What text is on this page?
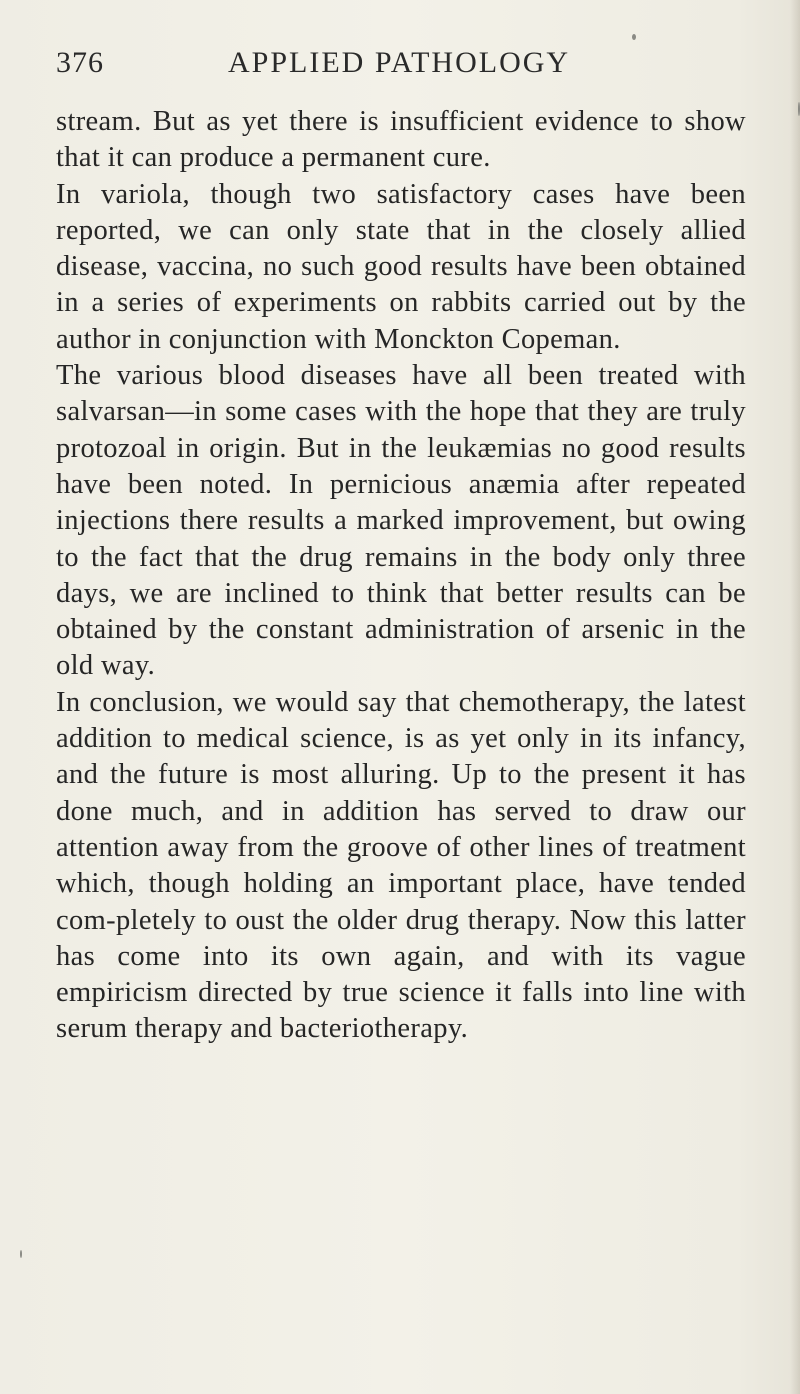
376	APPLIED PATHOLOGY

stream. But as yet there is insufficient evidence to show that it can produce a permanent cure.

In variola, though two satisfactory cases have been reported, we can only state that in the closely allied disease, vaccina, no such good results have been obtained in a series of experiments on rabbits carried out by the author in conjunction with Monckton Copeman.

The various blood diseases have all been treated with salvarsan—in some cases with the hope that they are truly protozoal in origin. But in the leukæmias no good results have been noted. In pernicious anæmia after repeated injections there results a marked improvement, but owing to the fact that the drug remains in the body only three days, we are inclined to think that better results can be obtained by the constant administration of arsenic in the old way.

In conclusion, we would say that chemotherapy, the latest addition to medical science, is as yet only in its infancy, and the future is most alluring. Up to the present it has done much, and in addition has served to draw our attention away from the groove of other lines of treatment which, though holding an important place, have tended com-pletely to oust the older drug therapy. Now this latter has come into its own again, and with its vague empiricism directed by true science it falls into line with serum therapy and bacteriotherapy.
